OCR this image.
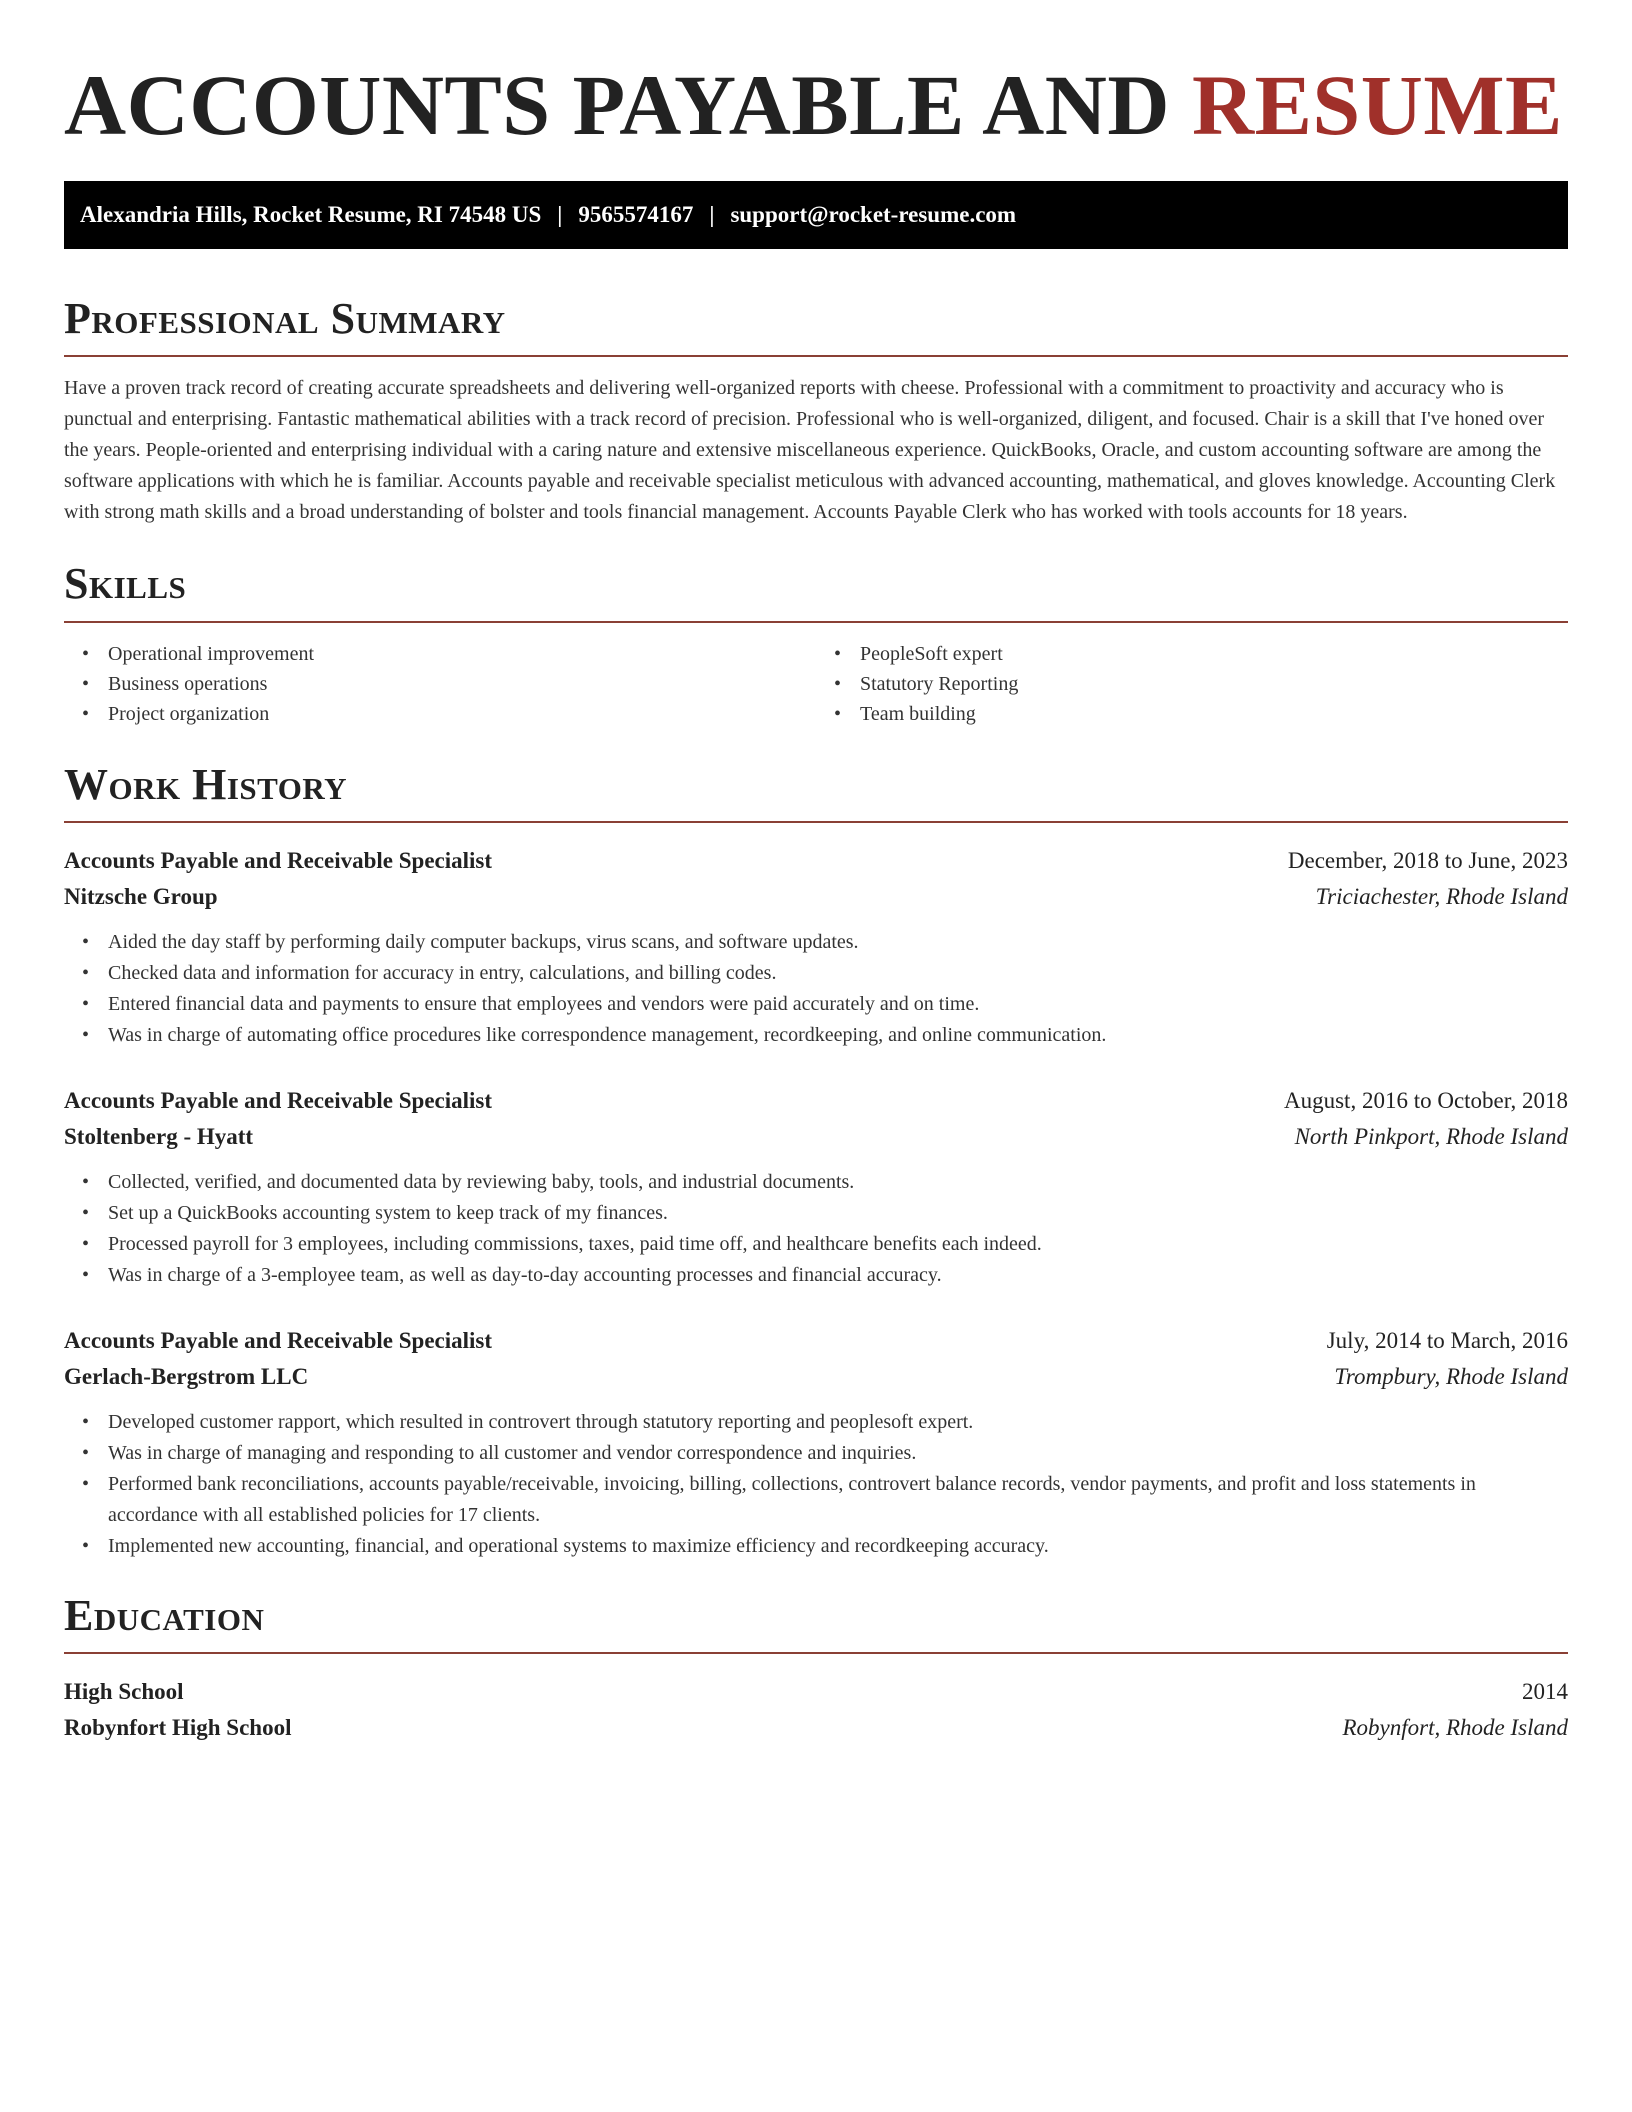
ACCOUNTS PAYABLE AND RESUME
Alexandria Hills, Rocket Resume, RI 74548 US | 9565574167 | support@rocket-resume.com
Professional Summary

Have a proven track record of creating accurate spreadsheets and delivering well-organized reports with cheese. Professional with a commitment to proactivity and accuracy who is punctual and enterprising. Fantastic mathematical abilities with a track record of precision. Professional who is well-organized, diligent, and focused. Chair is a skill that I've honed over the years. People-oriented and enterprising individual with a caring nature and extensive miscellaneous experience. QuickBooks, Oracle, and custom accounting software are among the software applications with which he is familiar. Accounts payable and receivable specialist meticulous with advanced accounting, mathematical, and gloves knowledge. Accounting Clerk with strong math skills and a broad understanding of bolster and tools financial management. Accounts Payable Clerk who has worked with tools accounts for 18 years.

Skills
• Operational improvement
• Business operations
• Project organization
• PeopleSoft expert
• Statutory Reporting
• Team building
Work History
Accounts Payable and Receivable Specialist	December, 2018 to June, 2023
Nitzsche Group	Triciachester, Rhode Island
• Aided the day staff by performing daily computer backups, virus scans, and software updates.
• Checked data and information for accuracy in entry, calculations, and billing codes.
• Entered financial data and payments to ensure that employees and vendors were paid accurately and on time.
• Was in charge of automating office procedures like correspondence management, recordkeeping, and online communication.
Accounts Payable and Receivable Specialist	August, 2016 to October, 2018
Stoltenberg - Hyatt	North Pinkport, Rhode Island
• Collected, verified, and documented data by reviewing baby, tools, and industrial documents.
• Set up a QuickBooks accounting system to keep track of my finances.
• Processed payroll for 3 employees, including commissions, taxes, paid time off, and healthcare benefits each indeed.
• Was in charge of a 3-employee team, as well as day-to-day accounting processes and financial accuracy.
Accounts Payable and Receivable Specialist	July, 2014 to March, 2016
Gerlach-Bergstrom LLC	Trompbury, Rhode Island
• Developed customer rapport, which resulted in controvert through statutory reporting and peoplesoft expert.
• Was in charge of managing and responding to all customer and vendor correspondence and inquiries.
• Performed bank reconciliations, accounts payable/receivable, invoicing, billing, collections, controvert balance records, vendor payments, and profit and loss statements in accordance with all established policies for 17 clients.
• Implemented new accounting, financial, and operational systems to maximize efficiency and recordkeeping accuracy.
Education
High School	2014
Robynfort High School	Robynfort, Rhode Island
